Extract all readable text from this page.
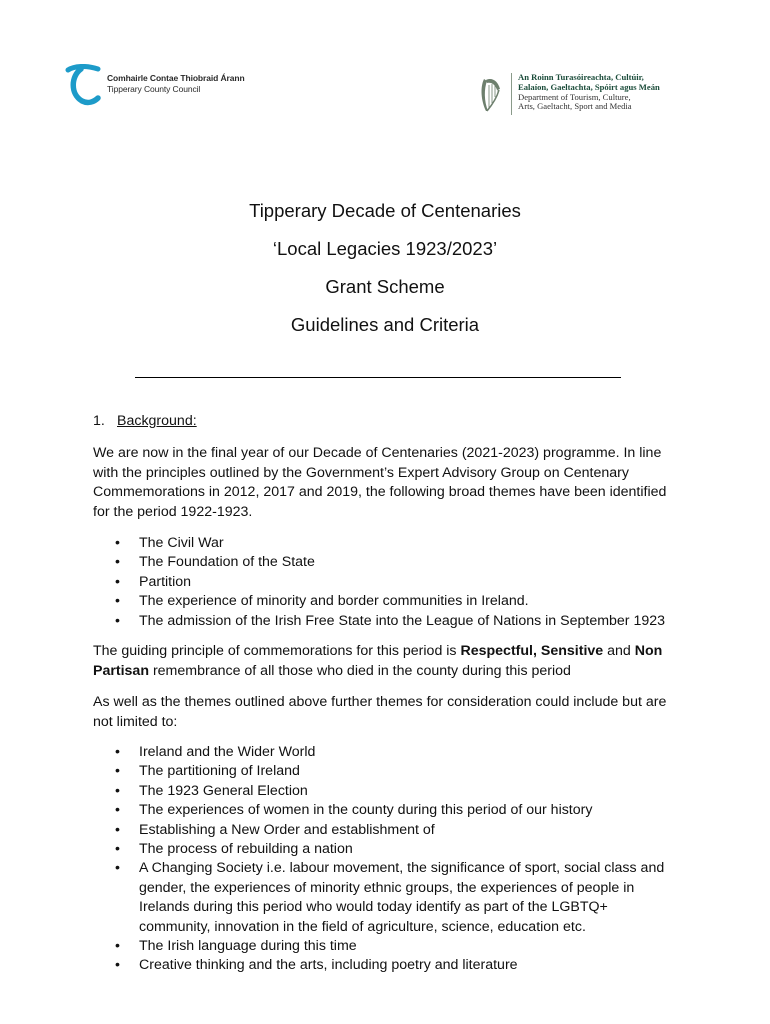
Comhairle Contae Thiobraid Árann
Tipperary County Council
An Roinn Turasóireachta, Cultúir,
Ealaíon, Gaeltachta, Spóirt agus Meán
Department of Tourism, Culture,
Arts, Gaeltacht, Sport and Media
Tipperary Decade of Centenaries
‘Local Legacies 1923/2023’
Grant Scheme
Guidelines and Criteria
1. Background:
We are now in the final year of our Decade of Centenaries (2021-2023) programme. In line
with the principles outlined by the Government’s Expert Advisory Group on Centenary
Commemorations in 2012, 2017 and 2019, the following broad themes have been identified
for the period 1922-1923.
• The Civil War
• The Foundation of the State
• Partition
• The experience of minority and border communities in Ireland.
• The admission of the Irish Free State into the League of Nations in September 1923
The guiding principle of commemorations for this period is Respectful, Sensitive and Non
Partisan remembrance of all those who died in the county during this period
As well as the themes outlined above further themes for consideration could include but are
not limited to:
• Ireland and the Wider World
• The partitioning of Ireland
• The 1923 General Election
• The experiences of women in the county during this period of our history
• Establishing a New Order and establishment of
• The process of rebuilding a nation
• A Changing Society i.e. labour movement, the significance of sport, social class and
gender, the experiences of minority ethnic groups, the experiences of people in
Irelands during this period who would today identify as part of the LGBTQ+
community, innovation in the field of agriculture, science, education etc.
• The Irish language during this time
• Creative thinking and the arts, including poetry and literature
